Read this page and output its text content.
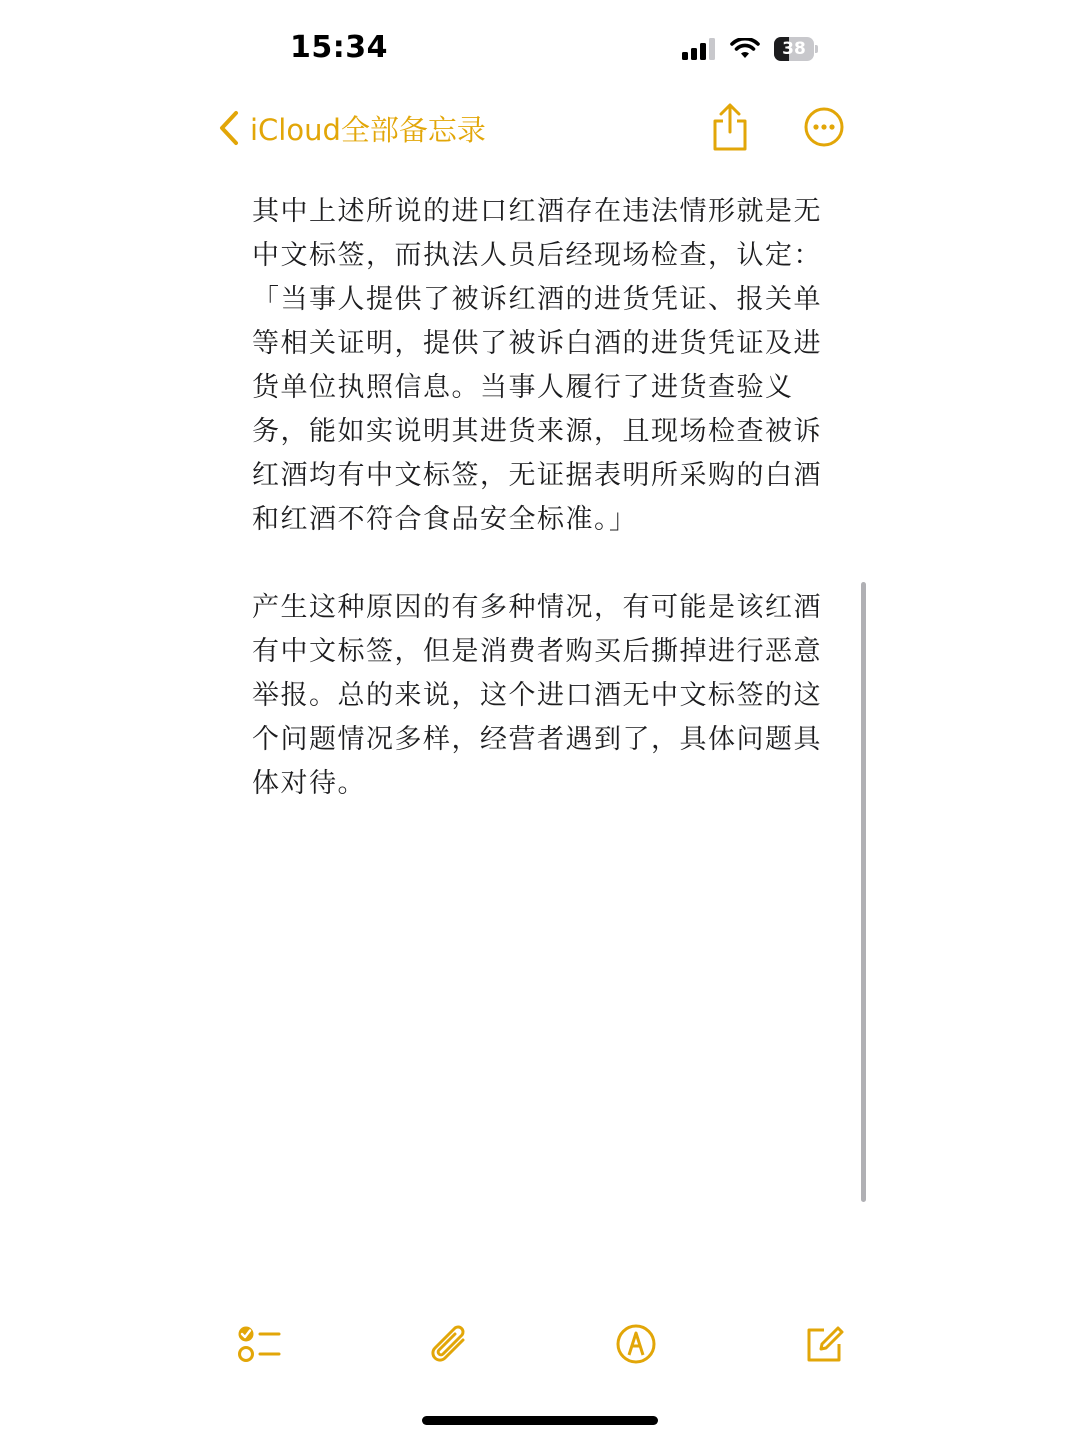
15:34	38
iCloud全部备忘录

其中上述所说的进口红酒存在违法情形就是无中文标签，而执法人员后经现场检查，认定：「当事人提供了被诉红酒的进货凭证、报关单等相关证明，提供了被诉白酒的进货凭证及进货单位执照信息。当事人履行了进货查验义务，能如实说明其进货来源，且现场检查被诉红酒均有中文标签，无证据表明所采购的白酒和红酒不符合食品安全标准。」

产生这种原因的有多种情况，有可能是该红酒有中文标签，但是消费者购买后撕掉进行恶意举报。总的来说，这个进口酒无中文标签的这个问题情况多样，经营者遇到了，具体问题具体对待。
